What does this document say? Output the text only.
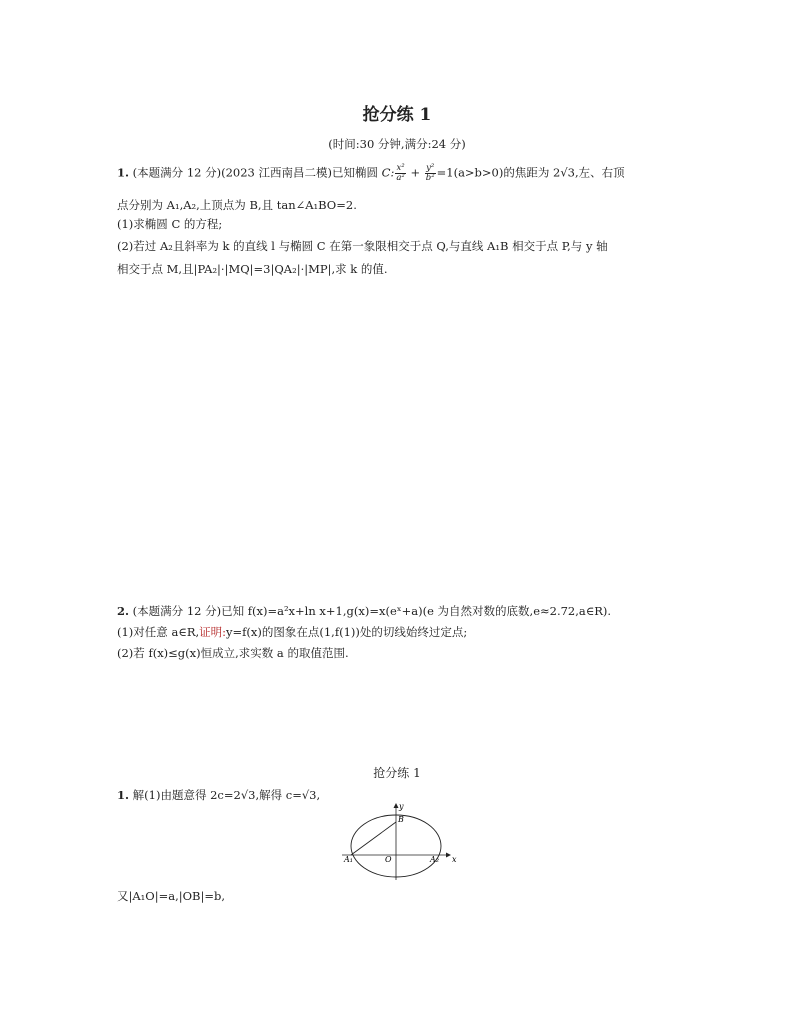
抢分练 1
(时间:30 分钟,满分:24 分)
1. (本题满分 12 分)(2023 江西南昌二模)已知椭圆 C: $\frac{\text{x²}}{\text{a²}} + \frac{\text{y²}}{\text{b²}} =1(a>b>0)$的焦距为 2√3,左、右顶
点分别为 A₁,A₂,上顶点为 B,且 tan∠A₁BO=2.
(1)求椭圆 C 的方程;
(2)若过 A₂且斜率为 k 的直线 l 与椭圆 C 在第一象限相交于点 Q,与直线 A₁B 相交于点 P,与 y 轴
相交于点 M,且|PA₂|·|MQ|=3|QA₂|·|MP|,求 k 的值.
2. (本题满分 12 分)已知 f(x)=a²x+ln x+1,g(x)=x(eˣ+a)(e 为自然对数的底数,e≈2.72,a∈R).
(1)对任意 a∈R,证明:y=f(x)的图象在点(1,f(1))处的切线始终过定点;
(2)若 f(x)≤g(x)恒成立,求实数 a 的取值范围.
抢分练 1
1. 解(1)由题意得 2c=2√3,解得 c=√3,
y
x
B
O
A₁	A₂
又|A₁O|=a,|OB|=b,
